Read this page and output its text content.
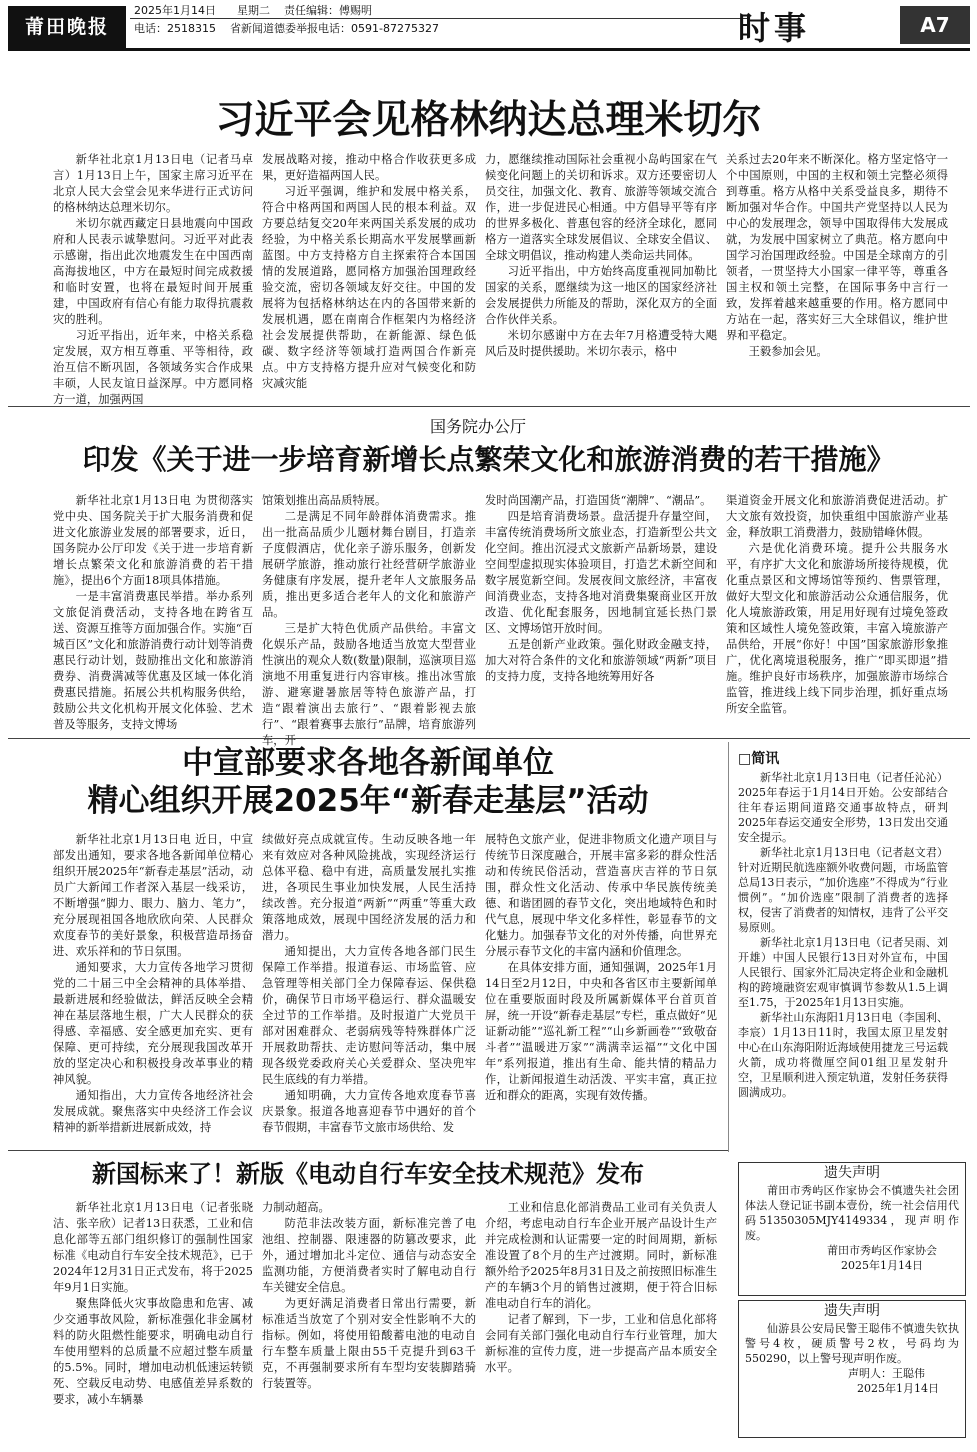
莆田晚报
2025年1月14日 星期二 责任编辑：傅赐明
电话：2518315 省新闻道德委举报电话：0591-87275327	时事	A7
习近平会见格林纳达总理米切尔

新华社北京1月13日电（记者马卓言）1月13日上午，国家主席习近平在北京人民大会堂会见来华进行正式访问的格林纳达总理米切尔。

米切尔就西藏定日县地震向中国政府和人民表示诚挚慰问。习近平对此表示感谢，指出此次地震发生在中国西南高海拔地区，中方在最短时间完成救援和临时安置，也将在最短时间开展重建，中国政府有信心有能力取得抗震救灾的胜利。

习近平指出，近年来，中格关系稳定发展，双方相互尊重、平等相待，政治互信不断巩固，各领域务实合作成果丰硕，人民友谊日益深厚。中方愿同格方一道，加强两国

发展战略对接，推动中格合作收获更多成果，更好造福两国人民。

习近平强调，维护和发展中格关系，符合中格两国和两国人民的根本利益。双方要总结复交20年来两国关系发展的成功经验，为中格关系长期高水平发展擘画新蓝图。中方支持格方自主探索符合本国国情的发展道路，愿同格方加强治国理政经验交流，密切各领域友好交往。中国的发展将为包括格林纳达在内的各国带来新的发展机遇，愿在南南合作框架内为格经济社会发展提供帮助，在新能源、绿色低碳、数字经济等领域打造两国合作新亮点。中方支持格方提升应对气候变化和防灾减灾能

力，愿继续推动国际社会重视小岛屿国家在气候变化问题上的关切和诉求。双方还要密切人员交往，加强文化、教育、旅游等领域交流合作，进一步促进民心相通。中方倡导平等有序的世界多极化、普惠包容的经济全球化，愿同格方一道落实全球发展倡议、全球安全倡议、全球文明倡议，推动构建人类命运共同体。

习近平指出，中方始终高度重视同加勒比国家的关系，愿继续为这一地区的国家经济社会发展提供力所能及的帮助，深化双方的全面合作伙伴关系。

米切尔感谢中方在去年7月格遭受特大飓风后及时提供援助。米切尔表示，格中

关系过去20年来不断深化。格方坚定恪守一个中国原则，中国的主权和领土完整必须得到尊重。格方从格中关系受益良多，期待不断加强对华合作。中国共产党坚持以人民为中心的发展理念，领导中国取得伟大发展成就，为发展中国家树立了典范。格方愿向中国学习治国理政经验。中国是全球南方的引领者，一贯坚持大小国家一律平等，尊重各国主权和领土完整，在国际事务中言行一致，发挥着越来越重要的作用。格方愿同中方站在一起，落实好三大全球倡议，维护世界和平稳定。

王毅参加会见。

国务院办公厅
印发《关于进一步培育新增长点繁荣文化和旅游消费的若干措施》

新华社北京1月13日电 为贯彻落实党中央、国务院关于扩大服务消费和促进文化旅游业发展的部署要求，近日，国务院办公厅印发《关于进一步培育新增长点繁荣文化和旅游消费的若干措施》，提出6个方面18项具体措施。

一是丰富消费惠民举措。举办系列文旅促消费活动，支持各地在跨省互送、资源互推等方面加强合作。实施“百城百区”文化和旅游消费行动计划等消费惠民行动计划，鼓励推出文化和旅游消费券、消费满减等优惠及区域一体化消费惠民措施。拓展公共机构服务供给，鼓励公共文化机构开展文化体验、艺术普及等服务，支持文博场

馆策划推出高品质特展。

二是满足不同年龄群体消费需求。推出一批高品质少儿题材舞台剧目，打造亲子度假酒店，优化亲子游乐服务，创新发展研学旅游，推动旅行社经营研学旅游业务健康有序发展，提升老年人文旅服务品质，推出更多适合老年人的文化和旅游产品。

三是扩大特色优质产品供给。丰富文化娱乐产品，鼓励各地适当放宽大型营业性演出的观众人数(数量)限制，巡演项目巡演地不用重复进行内容审核。推出冰雪旅游、避寒避暑旅居等特色旅游产品，打造“跟着演出去旅行”、“跟着影视去旅行”、“跟着赛事去旅行”品牌，培育旅游列车，开

发时尚国潮产品，打造国货“潮牌”、“潮品”。

四是培育消费场景。盘活提升存量空间，丰富传统消费场所文旅业态，打造新型公共文化空间。推出沉浸式文旅新产品新场景，建设空间型虚拟现实体验项目，打造艺术新空间和数字展览新空间。发展夜间文旅经济，丰富夜间消费业态，支持各地对消费集聚商业区开放改造、优化配套服务，因地制宜延长热门景区、文博场馆开放时间。

五是创新产业政策。强化财政金融支持，加大对符合条件的文化和旅游领域“两新”项目的支持力度，支持各地统筹用好各

渠道资金开展文化和旅游消费促进活动。扩大文旅有效投资，加快重组中国旅游产业基金，释放职工消费潜力，鼓励错峰休假。

六是优化消费环境。提升公共服务水平，有序扩大文化和旅游场所接待规模，优化重点景区和文博场馆等预约、售票管理，做好大型文化和旅游活动公众通信服务，优化人境旅游政策，用足用好现有过境免签政策和区域性人境免签政策，丰富入境旅游产品供给，开展“你好！中国”国家旅游形象推广，优化离境退税服务，推广“即买即退”措施。维护良好市场秩序，加强旅游市场综合监管，推进线上线下同步治理，抓好重点场所安全监管。

中宣部要求各地各新闻单位
精心组织开展2025年“新春走基层”活动

新华社北京1月13日电 近日，中宣部发出通知，要求各地各新闻单位精心组织开展2025年“新春走基层”活动，动员广大新闻工作者深入基层一线采访，不断增强“脚力、眼力、脑力、笔力”，充分展现祖国各地欣欣向荣、人民群众欢度春节的美好景象，积极营造昂扬奋进、欢乐祥和的节日氛围。

通知要求，大力宣传各地学习贯彻党的二十届三中全会精神的具体举措、最新进展和经验做法，鲜活反映全会精神在基层落地生根，广大人民群众的获得感、幸福感、安全感更加充实、更有保障、更可持续，充分展现我国改革开放的坚定决心和积极投身改革事业的精神风貌。

通知指出，大力宣传各地经济社会发展成就。聚焦落实中央经济工作会议精神的新举措新进展新成效，持

续做好亮点成就宣传。生动反映各地一年来有效应对各种风险挑战，实现经济运行总体平稳、稳中有进，高质量发展扎实推进，各项民生事业加快发展，人民生活持续改善。充分报道“两新”“两重”等重大政策落地成效，展现中国经济发展的活力和潜力。

通知提出，大力宣传各地各部门民生保障工作举措。报道春运、市场监管、应急管理等相关部门全力保障春运、保供稳价，确保节日市场平稳运行、群众温暖安全过节的工作举措。及时报道广大党员干部对困难群众、老弱病残等特殊群体广泛开展救助帮扶、走访慰问等活动，集中展现各级党委政府关心关爱群众、坚决兜牢民生底线的有力举措。

通知明确，大力宣传各地欢度春节喜庆景象。报道各地喜迎春节中遇好的首个春节假期，丰富春节文旅市场供给、发

展特色文旅产业，促进非物质文化遗产项目与传统节日深度融合，开展丰富多彩的群众性活动和传统民俗活动，营造喜庆吉祥的节日氛围，群众性文化活动、传承中华民族传统美德、和谐团圆的春节文化，突出地域特色和时代气息，展现中华文化多样性，彰显春节的文化魅力。加强春节文化的对外传播，向世界充分展示春节文化的丰富内涵和价值理念。

在具体安排方面，通知强调，2025年1月14日至2月12日，中央和各省区市主要新闻单位在重要版面时段及所属新媒体平台首页首屏，统一开设“新春走基层”专栏，重点做好“见证新动能”“巡礼新工程”“山乡新画卷”“致敬奋斗者”“温暖进万家”“满满幸运福”“文化中国年”系列报道，推出有生命、能共情的精品力作，让新闻报道生动活泼、平实丰富，真正拉近和群众的距离，实现有效传播。

□简讯

新华社北京1月13日电（记者任沁沁）2025年春运于1月14日开始。公安部结合往年春运期间道路交通事故特点，研判2025年春运交通安全形势，13日发出交通安全提示。

新华社北京1月13日电（记者赵文君）针对近期民航选座额外收费问题，市场监管总局13日表示，“加价选座”不得成为“行业惯例”。“加价选座”限制了消费者的选择权，侵害了消费者的知情权，违背了公平交易原则。

新华社北京1月13日电（记者吴雨、刘开雄）中国人民银行13日对外宣布，中国人民银行、国家外汇局决定将企业和金融机构的跨境融资宏观审慎调节参数从1.5上调至1.75，于2025年1月13日实施。

新华社山东海阳1月13日电（李国利、李宸）1月13日11时，我国太原卫星发射中心在山东海阳附近海域使用捷龙三号运载火箭，成功将微厘空间01组卫星发射升空，卫星顺利进入预定轨道，发射任务获得圆满成功。

新国标来了！新版《电动自行车安全技术规范》发布

新华社北京1月13日电（记者张晓洁、张辛欣）记者13日获悉，工业和信息化部等五部门组织修订的强制性国家标准《电动自行车安全技术规范》，已于2024年12月31日正式发布，将于2025年9月1日实施。

聚焦降低火灾事故隐患和危害、减少交通事故风险，新标准强化非金属材料的防火阻燃性能要求，明确电动自行车使用塑料的总质量不应超过整车质量的5.5%。同时，增加电动机低速运转锁死、空载反电动势、电感值差异系数的要求，减小车辆暴

力制动超高。

防范非法改装方面，新标准完善了电池组、控制器、限速器的防篡改要求，此外，通过增加北斗定位、通信与动态安全监测功能，方便消费者实时了解电动自行车关键安全信息。

为更好满足消费者日常出行需要，新标准适当放宽了个别对安全性影响不大的指标。例如，将使用铅酸蓄电池的电动自行车整车质量上限由55千克提升到63千克，不再强制要求所有车型均安装脚踏骑行装置等。

工业和信息化部消费品工业司有关负责人介绍，考虑电动自行车企业开展产品设计生产并完成检测和认证需要一定的时间周期，新标准设置了8个月的生产过渡期。同时，新标准额外给予2025年8月31日及之前按照旧标准生产的车辆3个月的销售过渡期，便于符合旧标准电动自行车的消化。

记者了解到，下一步，工业和信息化部将会同有关部门强化电动自行车行业管理，加大新标准的宣传力度，进一步提高产品本质安全水平。

遗失声明

莆田市秀屿区作家协会不慎遗失社会团体法人登记证书副本壹份，统一社会信用代码51350305MJY4149334，现声明作废。

莆田市秀屿区作家协会
2025年1月14日
遗失声明

仙游县公安局民警王聪伟不慎遗失钦执警号4枚，硬质警号2枚，号码均为550290，以上警号现声明作废。

声明人：王聪伟
2025年1月14日
